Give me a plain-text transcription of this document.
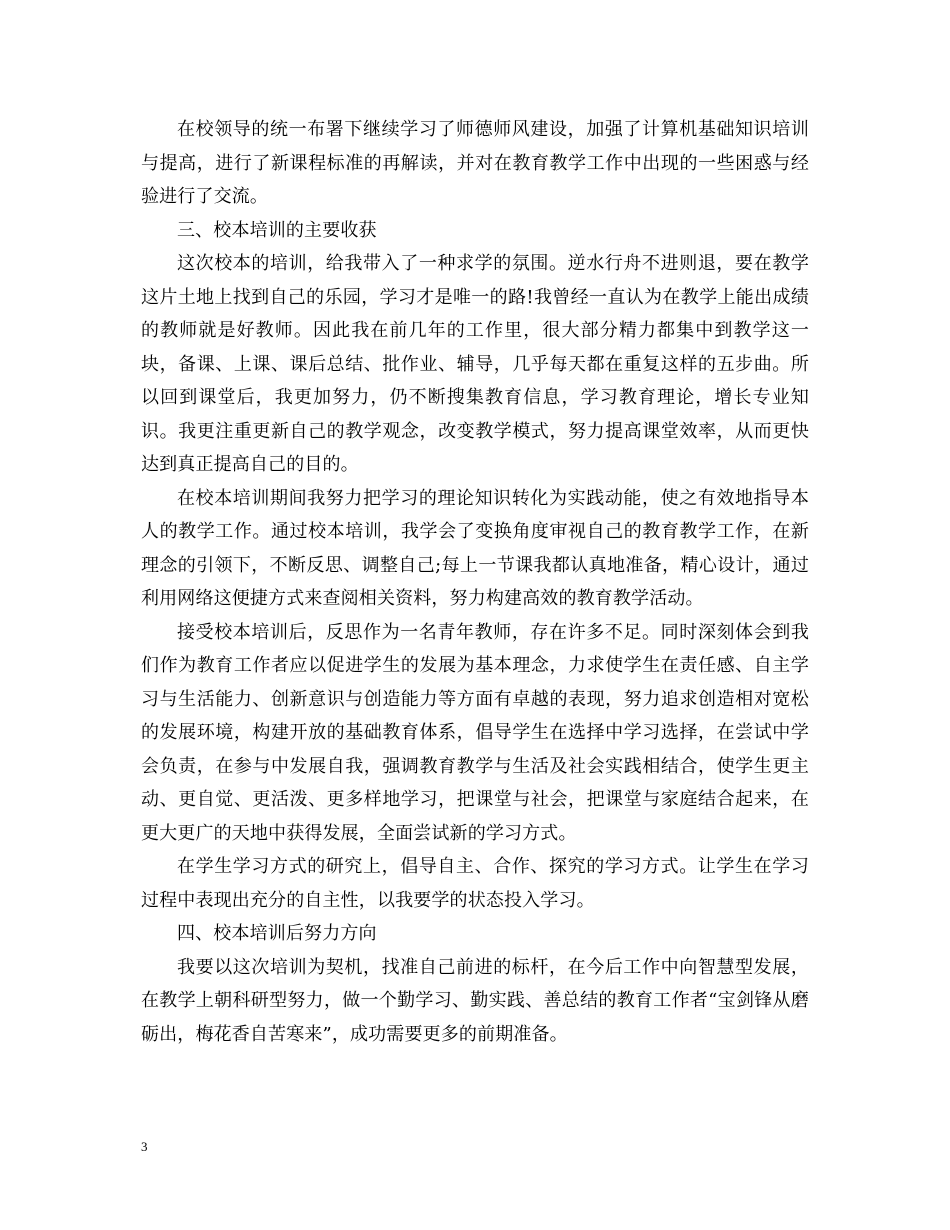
在校领导的统一布署下继续学习了师德师风建设，加强了计算机基础知识培训与提高，进行了新课程标准的再解读，并对在教育教学工作中出现的一些困惑与经验进行了交流。

三、校本培训的主要收获

这次校本的培训，给我带入了一种求学的氛围。逆水行舟不进则退，要在教学这片土地上找到自己的乐园，学习才是唯一的路!我曾经一直认为在教学上能出成绩的教师就是好教师。因此我在前几年的工作里，很大部分精力都集中到教学这一块，备课、上课、课后总结、批作业、辅导，几乎每天都在重复这样的五步曲。所以回到课堂后，我更加努力，仍不断搜集教育信息，学习教育理论，增长专业知识。我更注重更新自己的教学观念，改变教学模式，努力提高课堂效率，从而更快达到真正提高自己的目的。

在校本培训期间我努力把学习的理论知识转化为实践动能，使之有效地指导本人的教学工作。通过校本培训，我学会了变换角度审视自己的教育教学工作，在新理念的引领下，不断反思、调整自己;每上一节课我都认真地准备，精心设计，通过利用网络这便捷方式来查阅相关资料，努力构建高效的教育教学活动。

接受校本培训后，反思作为一名青年教师，存在许多不足。同时深刻体会到我们作为教育工作者应以促进学生的发展为基本理念，力求使学生在责任感、自主学习与生活能力、创新意识与创造能力等方面有卓越的表现，努力追求创造相对宽松的发展环境，构建开放的基础教育体系，倡导学生在选择中学习选择，在尝试中学会负责，在参与中发展自我，强调教育教学与生活及社会实践相结合，使学生更主动、更自觉、更活泼、更多样地学习，把课堂与社会，把课堂与家庭结合起来，在更大更广的天地中获得发展，全面尝试新的学习方式。

在学生学习方式的研究上，倡导自主、合作、探究的学习方式。让学生在学习过程中表现出充分的自主性，以我要学的状态投入学习。

四、校本培训后努力方向

我要以这次培训为契机，找准自己前进的标杆，在今后工作中向智慧型发展，在教学上朝科研型努力，做一个勤学习、勤实践、善总结的教育工作者“宝剑锋从磨砺出，梅花香自苦寒来”，成功需要更多的前期准备。

3
